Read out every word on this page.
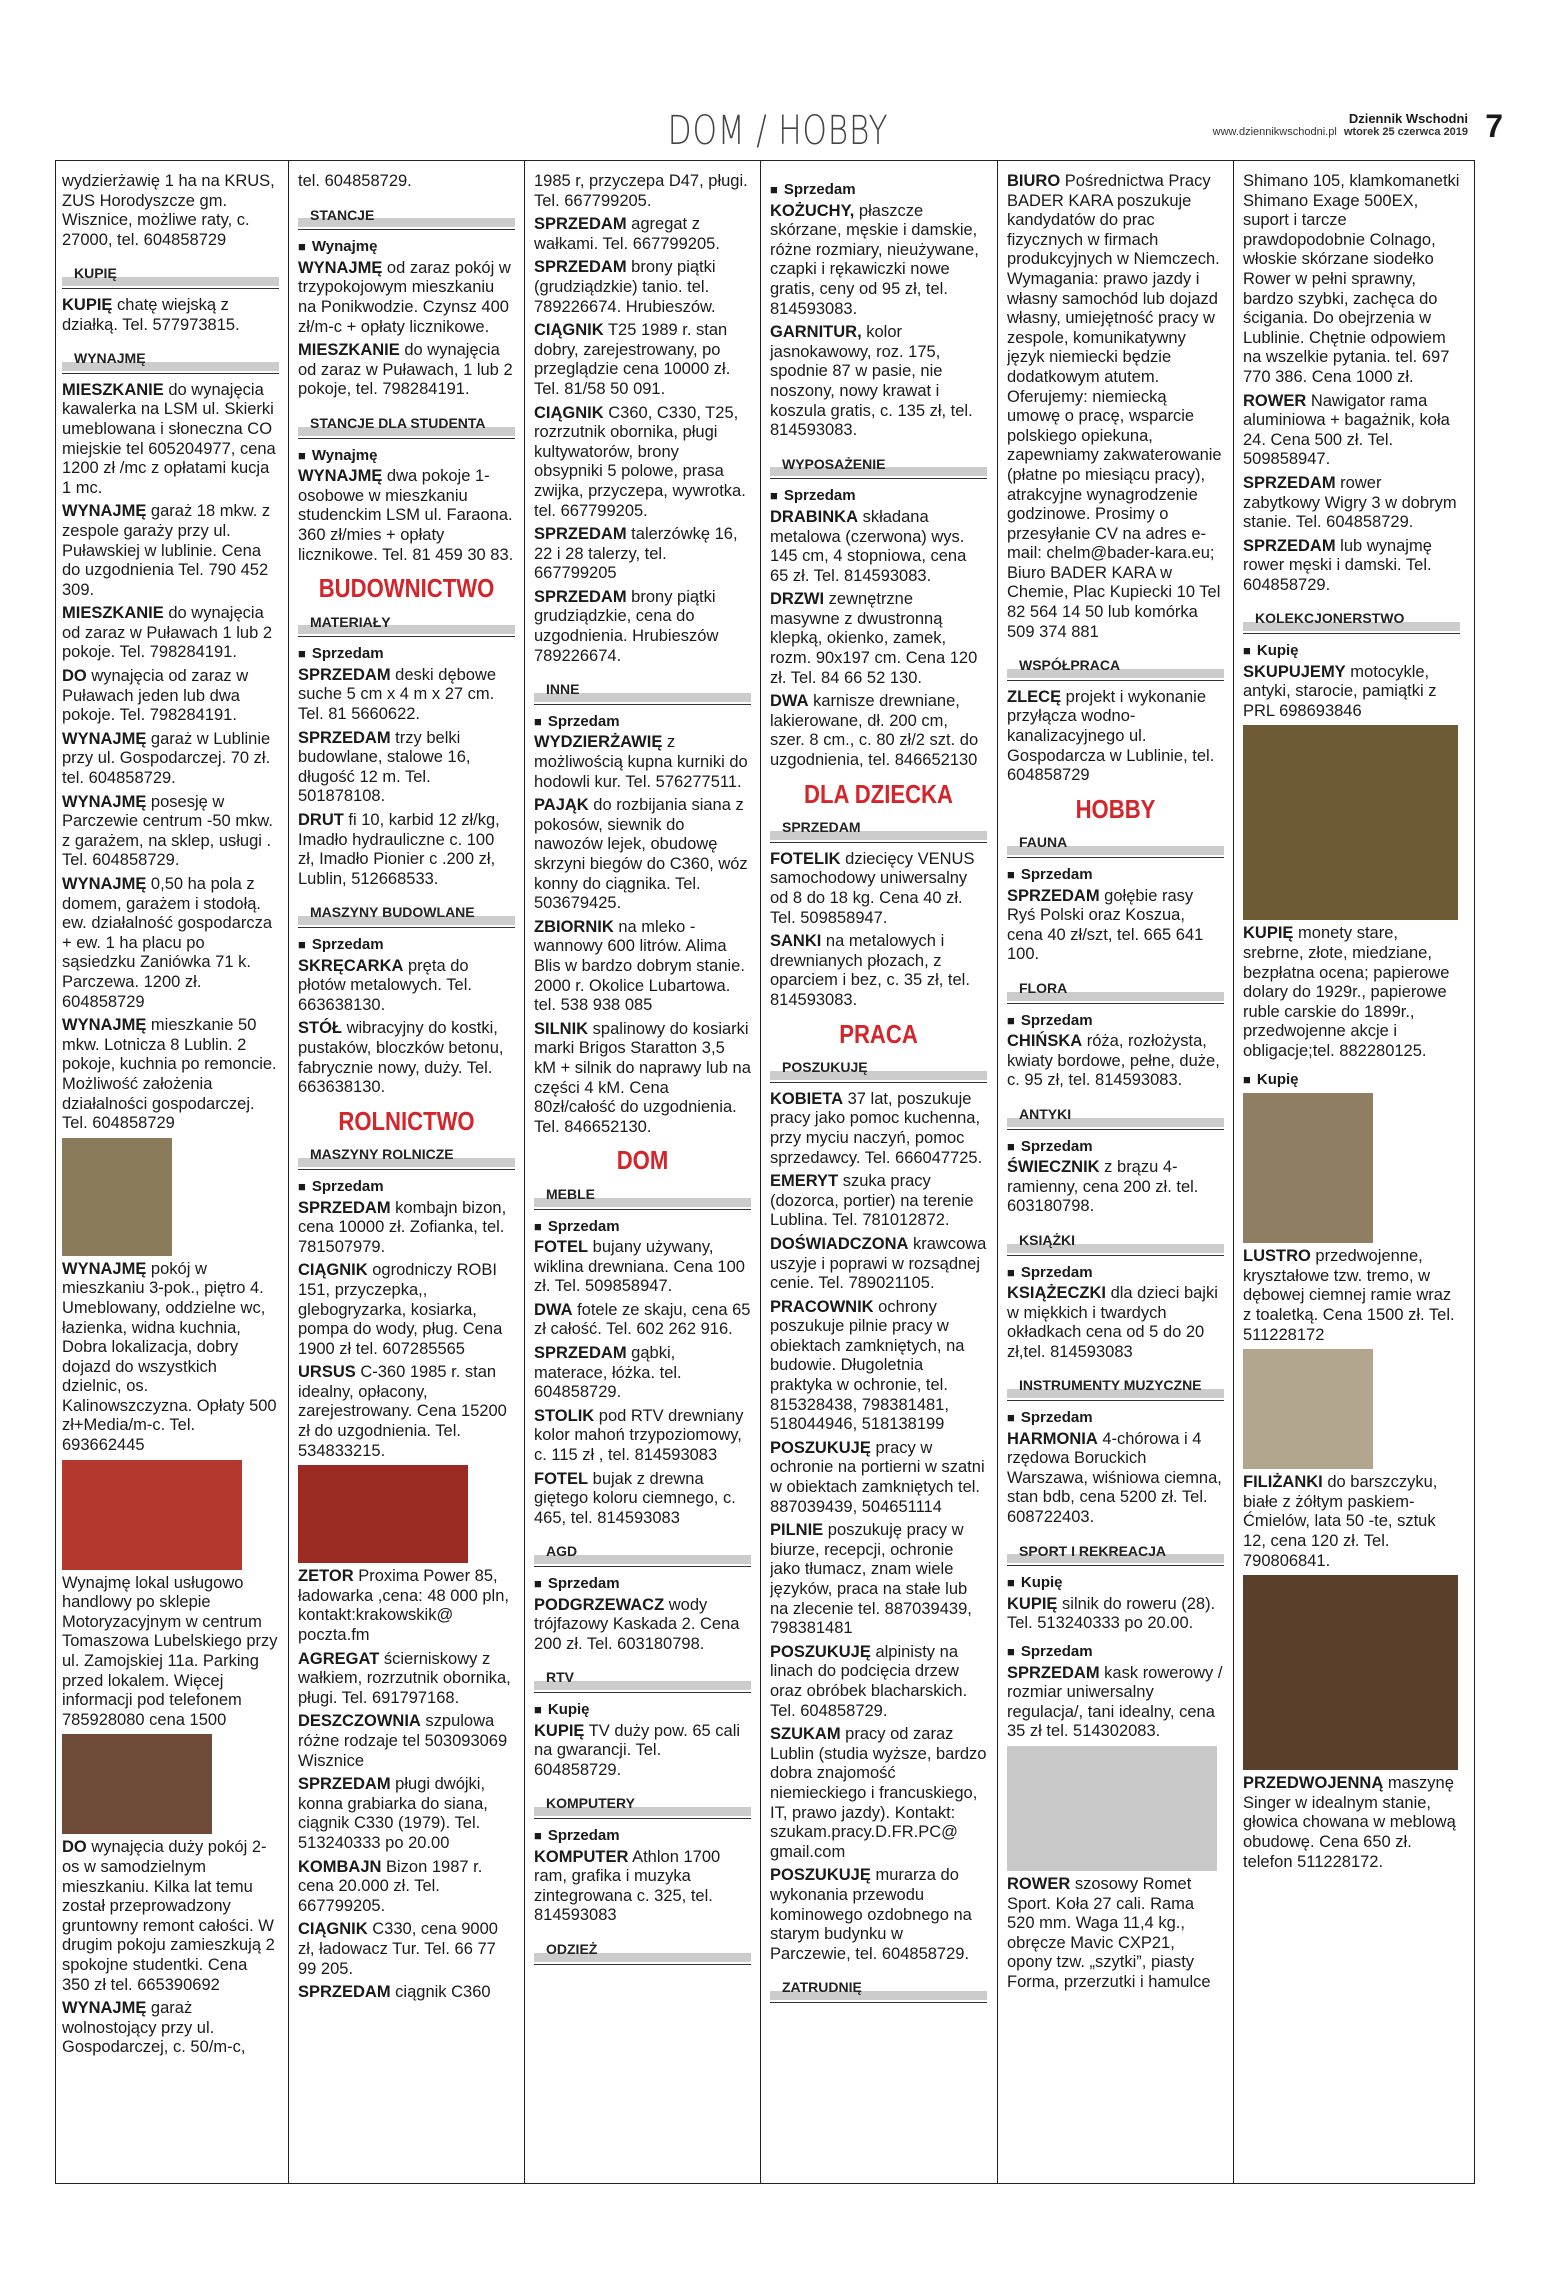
DOM / HOBBY	Dziennik Wschodni
www.dziennikwschodni.pl wtorek 25 czerwca 2019 7
wydzierżawię 1 ha na KRUS, ZUS Horodyszcze gm. Wisznice, możliwe raty, c. 27000, tel. 604858729
KUPIĘ
KUPIĘ chatę wiejską z działką. Tel. 577973815.
WYNAJMĘ
MIESZKANIE do wynajęcia kawalerka na LSM ul. Skierki umeblowana i słoneczna CO miejskie tel 605204977, cena 1200 zł /mc z opłatami kucja 1 mc.
WYNAJMĘ garaż 18 mkw. z zespole garaży przy ul. Puławskiej w lublinie. Cena do uzgodnienia Tel. 790 452 309.
MIESZKANIE do wynajęcia od zaraz w Puławach 1 lub 2 pokoje. Tel. 798284191.
DO wynajęcia od zaraz w Puławach jeden lub dwa pokoje. Tel. 798284191.
WYNAJMĘ garaż w Lublinie przy ul. Gospodarczej. 70 zł. tel. 604858729.
WYNAJMĘ posesję w Parczewie centrum -50 mkw. z garażem, na sklep, usługi . Tel. 604858729.
WYNAJMĘ 0,50 ha pola z domem, garażem i stodołą. ew. działalność gospodarcza + ew. 1 ha placu po sąsiedzku Zaniówka 71 k. Parczewa. 1200 zł. 604858729
WYNAJMĘ mieszkanie 50 mkw. Lotnicza 8 Lublin. 2 pokoje, kuchnia po remoncie. Możliwość założenia działalności gospodarczej. Tel. 604858729
WYNAJMĘ pokój w mieszkaniu 3-pok., piętro 4. Umeblowany, oddzielne wc, łazienka, widna kuchnia, Dobra lokalizacja, dobry dojazd do wszystkich dzielnic, os. Kalinowszczyzna. Opłaty 500 zł+Media/m-c. Tel. 693662445
Wynajmę lokal usługowo handlowy po sklepie Motoryzacyjnym w centrum Tomaszowa Lubelskiego przy ul. Zamojskiej 11a. Parking przed lokalem. Więcej informacji pod telefonem 785928080 cena 1500
DO wynajęcia duży pokój 2-os w samodzielnym mieszkaniu. Kilka lat temu został przeprowadzony gruntowny remont całości. W drugim pokoju zamieszkują 2 spokojne studentki. Cena 350 zł tel. 665390692
WYNAJMĘ garaż wolnostojący przy ul. Gospodarczej, c. 50/m-c,
tel. 604858729.
STANCJE
■ Wynajmę
WYNAJMĘ od zaraz pokój w trzypokojowym mieszkaniu na Ponikwodzie. Czynsz 400 zł/m-c + opłaty licznikowe.
MIESZKANIE do wynajęcia od zaraz w Puławach, 1 lub 2 pokoje, tel. 798284191.
STANCJE DLA STUDENTA
■ Wynajmę
WYNAJMĘ dwa pokoje 1-osobowe w mieszkaniu studenckim LSM ul. Faraona. 360 zł/mies + opłaty licznikowe. Tel. 81 459 30 83.
BUDOWNICTWO
MATERIAŁY
■ Sprzedam
SPRZEDAM deski dębowe suche 5 cm x 4 m x 27 cm. Tel. 81 5660622.
SPRZEDAM trzy belki budowlane, stalowe 16, długość 12 m. Tel. 501878108.
DRUT fi 10, karbid 12 zł/kg, Imadło hydrauliczne c. 100 zł, Imadło Pionier c .200 zł, Lublin, 512668533.
MASZYNY BUDOWLANE
■ Sprzedam
SKRĘCARKA pręta do płotów metalowych. Tel. 663638130.
STÓŁ wibracyjny do kostki, pustaków, bloczków betonu, fabrycznie nowy, duży. Tel. 663638130.
ROLNICTWO
MASZYNY ROLNICZE
■ Sprzedam
SPRZEDAM kombajn bizon, cena 10000 zł. Zofianka, tel. 781507979.
CIĄGNIK ogrodniczy ROBI 151, przyczepka,, glebogryzarka, kosiarka, pompa do wody, pług. Cena 1900 zł tel. 607285565
URSUS C-360 1985 r. stan idealny, opłacony, zarejestrowany. Cena 15200 zł do uzgodnienia. Tel. 534833215.
ZETOR Proxima Power 85, ładowarka ,cena: 48 000 pln, kontakt:krakowskik@ poczta.fm
AGREGAT ścierniskowy z wałkiem, rozrzutnik obornika, pługi. Tel. 691797168.
DESZCZOWNIA szpulowa różne rodzaje tel 503093069 Wisznice
SPRZEDAM pługi dwójki, konna grabiarka do siana, ciągnik C330 (1979). Tel. 513240333 po 20.00
KOMBAJN Bizon 1987 r. cena 20.000 zł. Tel. 667799205.
CIĄGNIK C330, cena 9000 zł, ładowacz Tur. Tel. 66 77 99 205.
SPRZEDAM ciągnik C360
1985 r, przyczepa D47, pługi. Tel. 667799205.
SPRZEDAM agregat z wałkami. Tel. 667799205.
SPRZEDAM brony piątki (grudziądzkie) tanio. tel. 789226674. Hrubieszów.
CIĄGNIK T25 1989 r. stan dobry, zarejestrowany, po przeglądzie cena 10000 zł. Tel. 81/58 50 091.
CIĄGNIK C360, C330, T25, rozrzutnik obornika, pługi kultywatorów, brony obsypniki 5 polowe, prasa zwijka, przyczepa, wywrotka. tel. 667799205.
SPRZEDAM talerzówkę 16, 22 i 28 talerzy, tel. 667799205
SPRZEDAM brony piątki grudziądzkie, cena do uzgodnienia. Hrubieszów 789226674.
INNE
■ Sprzedam
WYDZIERŻAWIĘ z możliwością kupna kurniki do hodowli kur. Tel. 576277511.
PAJĄK do rozbijania siana z pokosów, siewnik do nawozów lejek, obudowę skrzyni biegów do C360, wóz konny do ciągnika. Tel. 503679425.
ZBIORNIK na mleko - wannowy 600 litrów. Alima Blis w bardzo dobrym stanie. 2000 r. Okolice Lubartowa. tel. 538 938 085
SILNIK spalinowy do kosiarki marki Brigos Staratton 3,5 kM + silnik do naprawy lub na części 4 kM. Cena 80zł/całość do uzgodnienia. Tel. 846652130.
DOM
MEBLE
■ Sprzedam
FOTEL bujany używany, wiklina drewniana. Cena 100 zł. Tel. 509858947.
DWA fotele ze skaju, cena 65 zł całość. Tel. 602 262 916.
SPRZEDAM gąbki, materace, łóżka. tel. 604858729.
STOLIK pod RTV drewniany kolor mahoń trzypoziomowy, c. 115 zł , tel. 814593083
FOTEL bujak z drewna giętego koloru ciemnego, c. 465, tel. 814593083
AGD
■ Sprzedam
PODGRZEWACZ wody trójfazowy Kaskada 2. Cena 200 zł. Tel. 603180798.
RTV
■ Kupię
KUPIĘ TV duży pow. 65 cali na gwarancji. Tel. 604858729.
KOMPUTERY
■ Sprzedam
KOMPUTER Athlon 1700 ram, grafika i muzyka zintegrowana c. 325, tel. 814593083
ODZIEŻ
■ Sprzedam
KOŻUCHY, płaszcze skórzane, męskie i damskie, różne rozmiary, nieużywane, czapki i rękawiczki nowe gratis, ceny od 95 zł, tel. 814593083.
GARNITUR, kolor jasnokawowy, roz. 175, spodnie 87 w pasie, nie noszony, nowy krawat i koszula gratis, c. 135 zł, tel. 814593083.
WYPOSAŻENIE
■ Sprzedam
DRABINKA składana metalowa (czerwona) wys. 145 cm, 4 stopniowa, cena 65 zł. Tel. 814593083.
DRZWI zewnętrzne masywne z dwustronną klepką, okienko, zamek, rozm. 90x197 cm. Cena 120 zł. Tel. 84 66 52 130.
DWA karnisze drewniane, lakierowane, dł. 200 cm, szer. 8 cm., c. 80 zł/2 szt. do uzgodnienia, tel. 846652130
DLA DZIECKA
SPRZEDAM
FOTELIK dziecięcy VENUS samochodowy uniwersalny od 8 do 18 kg. Cena 40 zł. Tel. 509858947.
SANKI na metalowych i drewnianych płozach, z oparciem i bez, c. 35 zł, tel. 814593083.
PRACA
POSZUKUJĘ
KOBIETA 37 lat, poszukuje pracy jako pomoc kuchenna, przy myciu naczyń, pomoc sprzedawcy. Tel. 666047725.
EMERYT szuka pracy (dozorca, portier) na terenie Lublina. Tel. 781012872.
DOŚWIADCZONA krawcowa uszyje i poprawi w rozsądnej cenie. Tel. 789021105.
PRACOWNIK ochrony poszukuje pilnie pracy w obiektach zamkniętych, na budowie. Długoletnia praktyka w ochronie, tel. 815328438, 798381481, 518044946, 518138199
POSZUKUJĘ pracy w ochronie na portierni w szatni w obiektach zamkniętych tel. 887039439, 504651114
PILNIE poszukuję pracy w biurze, recepcji, ochronie jako tłumacz, znam wiele języków, praca na stałe lub na zlecenie tel. 887039439, 798381481
POSZUKUJĘ alpinisty na linach do podcięcia drzew oraz obróbek blacharskich. Tel. 604858729.
SZUKAM pracy od zaraz Lublin (studia wyższe, bardzo dobra znajomość niemieckiego i francuskiego, IT, prawo jazdy). Kontakt: szukam.pracy.D.FR.PC@ gmail.com
POSZUKUJĘ murarza do wykonania przewodu kominowego ozdobnego na starym budynku w Parczewie, tel. 604858729.
ZATRUDNIĘ
BIURO Pośrednictwa Pracy BADER KARA poszukuje kandydatów do prac fizycznych w firmach produkcyjnych w Niemczech. Wymagania: prawo jazdy i własny samochód lub dojazd własny, umiejętność pracy w zespole, komunikatywny język niemiecki będzie dodatkowym atutem. Oferujemy: niemiecką umowę o pracę, wsparcie polskiego opiekuna, zapewniamy zakwaterowanie (płatne po miesiącu pracy), atrakcyjne wynagrodzenie godzinowe. Prosimy o przesyłanie CV na adres e-mail: chelm@bader-kara.eu; Biuro BADER KARA w Chemie, Plac Kupiecki 10 Tel 82 564 14 50 lub komórka 509 374 881
WSPÓŁPRACA
ZLECĘ projekt i wykonanie przyłącza wodno-kanalizacyjnego ul. Gospodarcza w Lublinie, tel. 604858729
HOBBY
FAUNA
■ Sprzedam
SPRZEDAM gołębie rasy Ryś Polski oraz Koszua, cena 40 zł/szt, tel. 665 641 100.
FLORA
■ Sprzedam
CHIŃSKA róża, rozłożysta, kwiaty bordowe, pełne, duże, c. 95 zł, tel. 814593083.
ANTYKI
■ Sprzedam
ŚWIECZNIK z brązu 4-ramienny, cena 200 zł. tel. 603180798.
KSIĄŻKI
■ Sprzedam
KSIĄŻECZKI dla dzieci bajki w miękkich i twardych okładkach cena od 5 do 20 zł,tel. 814593083
INSTRUMENTY MUZYCZNE
■ Sprzedam
HARMONIA 4-chórowa i 4 rzędowa Boruckich Warszawa, wiśniowa ciemna, stan bdb, cena 5200 zł. Tel. 608722403.
SPORT I REKREACJA
■ Kupię
KUPIĘ silnik do roweru (28). Tel. 513240333 po 20.00.
■ Sprzedam
SPRZEDAM kask rowerowy / rozmiar uniwersalny regulacja/, tani idealny, cena 35 zł tel. 514302083.
ROWER szosowy Romet Sport. Koła 27 cali. Rama 520 mm. Waga 11,4 kg., obręcze Mavic CXP21, opony tzw. „szytki”, piasty Forma, przerzutki i hamulce
Shimano 105, klamkomanetki Shimano Exage 500EX, suport i tarcze prawdopodobnie Colnago, włoskie skórzane siodełko Rower w pełni sprawny, bardzo szybki, zachęca do ścigania. Do obejrzenia w Lublinie. Chętnie odpowiem na wszelkie pytania. tel. 697 770 386. Cena 1000 zł.
ROWER Nawigator rama aluminiowa + bagażnik, koła 24. Cena 500 zł. Tel. 509858947.
SPRZEDAM rower zabytkowy Wigry 3 w dobrym stanie. Tel. 604858729.
SPRZEDAM lub wynajmę rower męski i damski. Tel. 604858729.
KOLEKCJONERSTWO
■ Kupię
SKUPUJEMY motocykle, antyki, starocie, pamiątki z PRL 698693846
KUPIĘ monety stare, srebrne, złote, miedziane, bezpłatna ocena; papierowe dolary do 1929r., papierowe ruble carskie do 1899r., przedwojenne akcje i obligacje;tel. 882280125.
■ Kupię
LUSTRO przedwojenne, kryształowe tzw. tremo, w dębowej ciemnej ramie wraz z toaletką. Cena 1500 zł. Tel. 511228172
FILIŻANKI do barszczyku, białe z żółtym paskiem-Ćmielów, lata 50 -te, sztuk 12, cena 120 zł. Tel. 790806841.
PRZEDWOJENNĄ maszynę Singer w idealnym stanie, głowica chowana w meblową obudowę. Cena 650 zł. telefon 511228172.
